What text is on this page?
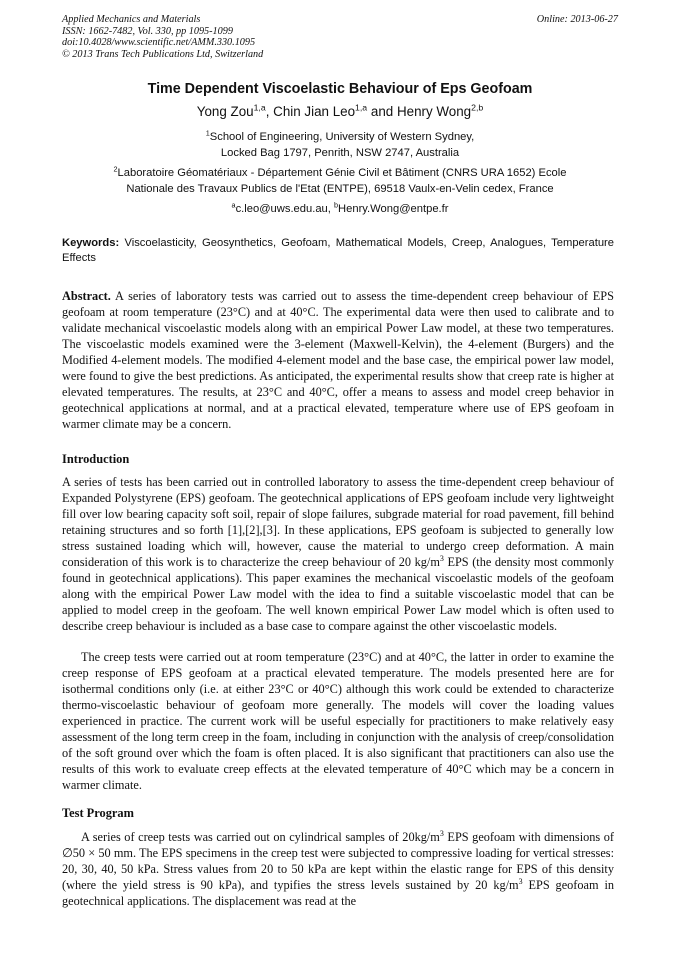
Applied Mechanics and Materials
ISSN: 1662-7482, Vol. 330, pp 1095-1099
doi:10.4028/www.scientific.net/AMM.330.1095
© 2013 Trans Tech Publications Ltd, Switzerland
Online: 2013-06-27
Time Dependent Viscoelastic Behaviour of Eps Geofoam
Yong Zou$^{1,a}$, Chin Jian Leo$^{1,a}$ and Henry Wong$^{2,b}$
$^1$School of Engineering, University of Western Sydney,
Locked Bag 1797, Penrith, NSW 2747, Australia
$^2$Laboratoire Géomatériaux - Département Génie Civil et Bâtiment (CNRS URA 1652) Ecole
Nationale des Travaux Publics de l'Etat (ENTPE), 69518 Vaulx-en-Velin cedex, France
$^a$c.leo@uws.edu.au, $^b$Henry.Wong@entpe.fr
Keywords: Viscoelasticity, Geosynthetics, Geofoam, Mathematical Models, Creep, Analogues, Temperature Effects

Abstract. A series of laboratory tests was carried out to assess the time-dependent creep behaviour of EPS geofoam at room temperature (23°C) and at 40°C. The experimental data were then used to calibrate and to validate mechanical viscoelastic models along with an empirical Power Law model, at these two temperatures. The viscoelastic models examined were the 3-element (Maxwell-Kelvin), the 4-element (Burgers) and the Modified 4-element models. The modified 4-element model and the base case, the empirical power law model, were found to give the best predictions. As anticipated, the experimental results show that creep rate is higher at elevated temperatures. The results, at 23°C and 40°C, offer a means to assess and model creep behavior in geotechnical applications at normal, and at a practical elevated, temperature where use of EPS geofoam in warmer climate may be a concern.

Introduction

A series of tests has been carried out in controlled laboratory to assess the time-dependent creep behaviour of Expanded Polystyrene (EPS) geofoam. The geotechnical applications of EPS geofoam include very lightweight fill over low bearing capacity soft soil, repair of slope failures, subgrade material for road pavement, fill behind retaining structures and so forth [1],[2],[3]. In these applications, EPS geofoam is subjected to generally low stress sustained loading which will, however, cause the material to undergo creep deformation. A main consideration of this work is to characterize the creep behaviour of 20 $kg/m^3$ EPS (the density most commonly found in geotechnical applications). This paper examines the mechanical viscoelastic models of the geofoam along with the empirical Power Law model with the idea to find a suitable viscoelastic model that can be applied to model creep in the geofoam. The well known empirical Power Law model which is often used to describe creep behaviour is included as a base case to compare against the other viscoelastic models.

The creep tests were carried out at room temperature (23°C) and at 40°C, the latter in order to examine the creep response of EPS geofoam at a practical elevated temperature. The models presented here are for isothermal conditions only (i.e. at either 23°C or 40°C) although this work could be extended to characterize thermo-viscoelastic behaviour of geofoam more generally. The models will cover the loading values experienced in practice. The current work will be useful especially for practitioners to make relatively easy assessment of the long term creep in the foam, including in conjunction with the analysis of creep/consolidation of the soft ground over which the foam is often placed. It is also significant that practitioners can also use the results of this work to evaluate creep effects at the elevated temperature of 40°C which may be a concern in warmer climate.

Test Program

A series of creep tests was carried out on cylindrical samples of $20kg/m^3$ EPS geofoam with dimensions of ∅50 × 50 mm. The EPS specimens in the creep test were subjected to compressive loading for vertical stresses: 20, 30, 40, 50 kPa. Stress values from 20 to 50 kPa are kept within the elastic range for EPS of this density (where the yield stress is 90 kPa), and typifies the stress levels sustained by 20 $kg/m^3$ EPS geofoam in geotechnical applications. The displacement was read at the
